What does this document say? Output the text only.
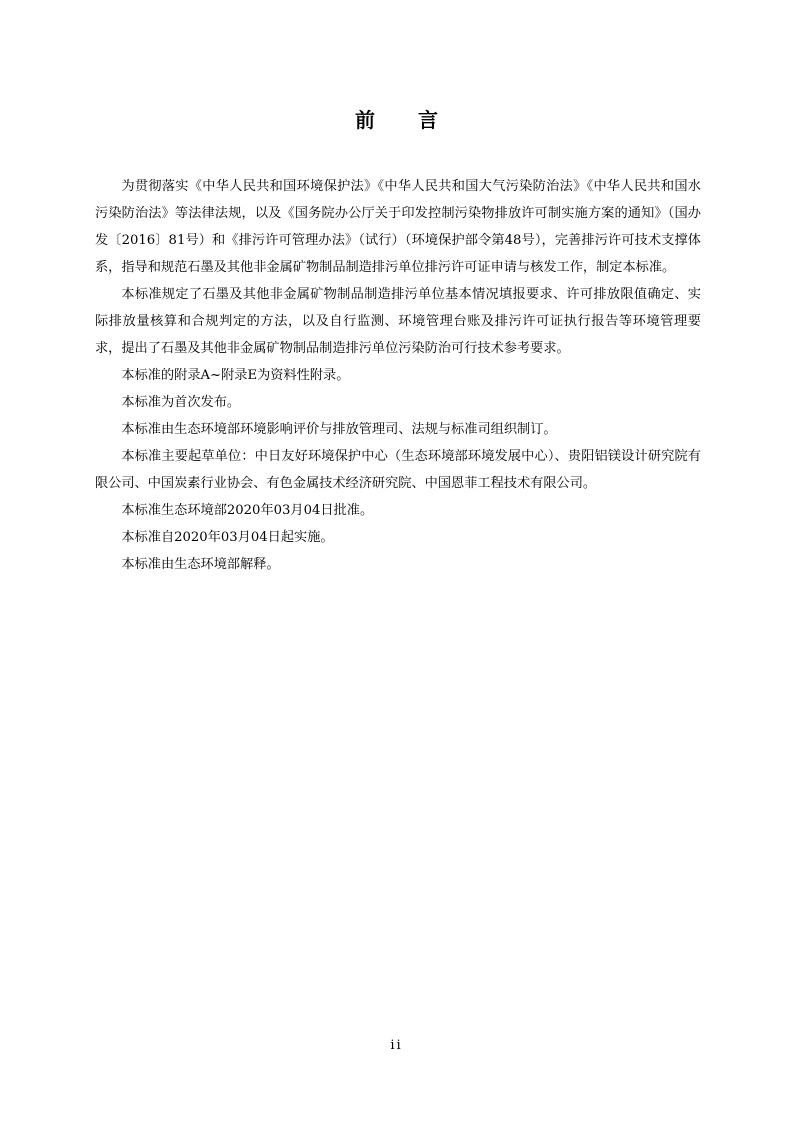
前 言

为贯彻落实《中华人民共和国环境保护法》《中华人民共和国大气污染防治法》《中华人民共和国水污染防治法》等法律法规，以及《国务院办公厅关于印发控制污染物排放许可制实施方案的通知》（国办发〔2016〕81号）和《排污许可管理办法》（试行）（环境保护部令第48号），完善排污许可技术支撑体系，指导和规范石墨及其他非金属矿物制品制造排污单位排污许可证申请与核发工作，制定本标准。

本标准规定了石墨及其他非金属矿物制品制造排污单位基本情况填报要求、许可排放限值确定、实际排放量核算和合规判定的方法，以及自行监测、环境管理台账及排污许可证执行报告等环境管理要求，提出了石墨及其他非金属矿物制品制造排污单位污染防治可行技术参考要求。

本标准的附录A~附录E为资料性附录。

本标准为首次发布。

本标准由生态环境部环境影响评价与排放管理司、法规与标准司组织制订。

本标准主要起草单位：中日友好环境保护中心（生态环境部环境发展中心）、贵阳铝镁设计研究院有限公司、中国炭素行业协会、有色金属技术经济研究院、中国恩菲工程技术有限公司。

本标准生态环境部2020年03月04日批准。

本标准自2020年03月04日起实施。

本标准由生态环境部解释。

ii
